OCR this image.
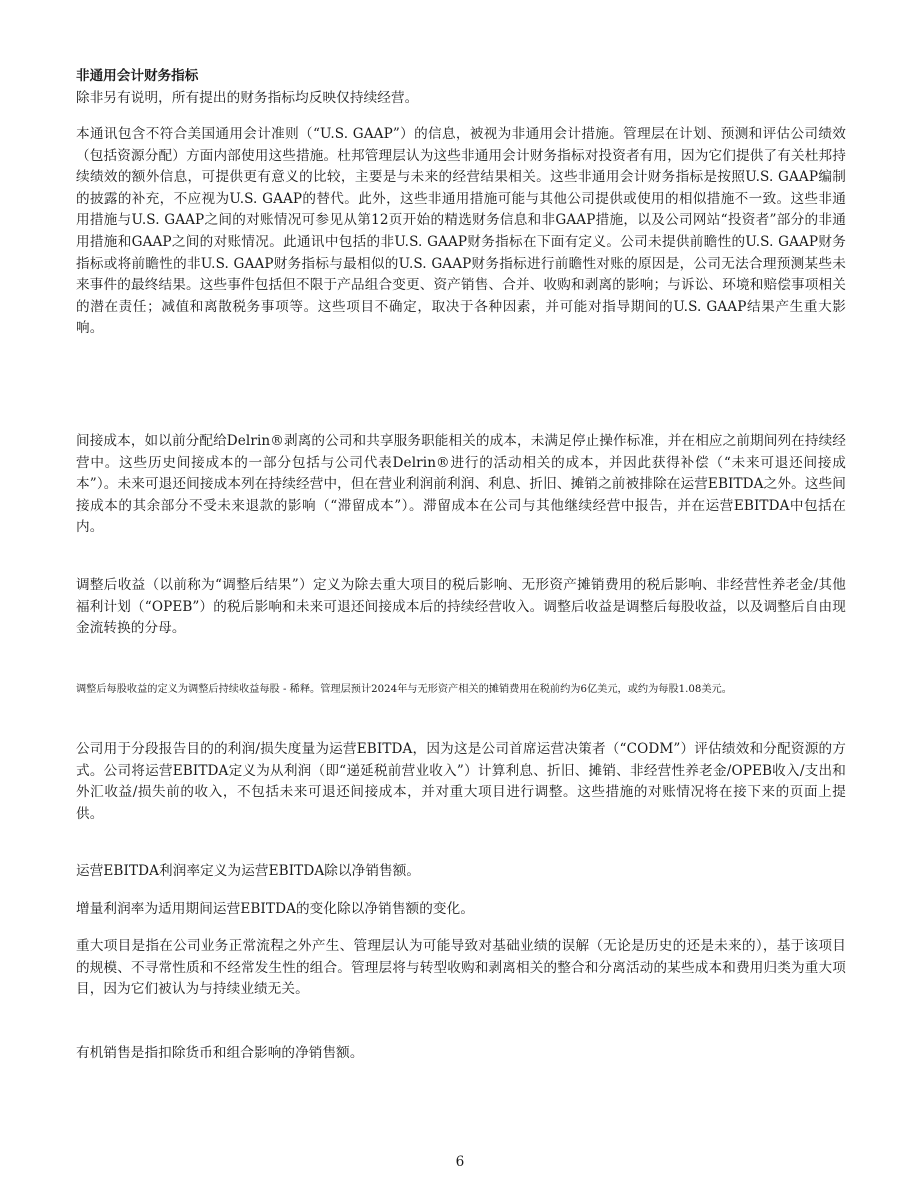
非通用会计财务指标

除非另有说明，所有提出的财务指标均反映仅持续经营。

本通讯包含不符合美国通用会计准则（“U.S. GAAP”）的信息，被视为非通用会计措施。管理层在计划、预测和评估公司绩效（包括资源分配）方面内部使用这些措施。杜邦管理层认为这些非通用会计财务指标对投资者有用，因为它们提供了有关杜邦持续绩效的额外信息，可提供更有意义的比较，主要是与未来的经营结果相关。这些非通用会计财务指标是按照U.S. GAAP编制的披露的补充，不应视为U.S. GAAP的替代。此外，这些非通用措施可能与其他公司提供或使用的相似措施不一致。这些非通用措施与U.S. GAAP之间的对账情况可参见从第12页开始的精选财务信息和非GAAP措施，以及公司网站“投资者”部分的非通用措施和GAAP之间的对账情况。此通讯中包括的非U.S. GAAP财务指标在下面有定义。公司未提供前瞻性的U.S. GAAP财务指标或将前瞻性的非U.S. GAAP财务指标与最相似的U.S. GAAP财务指标进行前瞻性对账的原因是，公司无法合理预测某些未来事件的最终结果。这些事件包括但不限于产品组合变更、资产销售、合并、收购和剥离的影响；与诉讼、环境和赔偿事项相关的潜在责任；减值和离散税务事项等。这些项目不确定，取决于各种因素，并可能对指导期间的U.S. GAAP结果产生重大影响。

间接成本，如以前分配给Delrin®剥离的公司和共享服务职能相关的成本，未满足停止操作标准，并在相应之前期间列在持续经营中。这些历史间接成本的一部分包括与公司代表Delrin®进行的活动相关的成本，并因此获得补偿（“未来可退还间接成本”）。未来可退还间接成本列在持续经营中，但在营业利润前利润、利息、折旧、摊销之前被排除在运营EBITDA之外。这些间接成本的其余部分不受未来退款的影响（“滞留成本”）。滞留成本在公司与其他继续经营中报告，并在运营EBITDA中包括在内。

调整后收益（以前称为“调整后结果”）定义为除去重大项目的税后影响、无形资产摊销费用的税后影响、非经营性养老金/其他福利计划（“OPEB”）的税后影响和未来可退还间接成本后的持续经营收入。调整后收益是调整后每股收益，以及调整后自由现金流转换的分母。

调整后每股收益的定义为调整后持续收益每股 - 稀释。管理层预计2024年与无形资产相关的摊销费用在税前约为6亿美元，或约为每股1.08美元。

公司用于分段报告目的的利润/损失度量为运营EBITDA，因为这是公司首席运营决策者（“CODM”）评估绩效和分配资源的方式。公司将运营EBITDA定义为从利润（即“递延税前营业收入”）计算利息、折旧、摊销、非经营性养老金/OPEB收入/支出和外汇收益/损失前的收入，不包括未来可退还间接成本，并对重大项目进行调整。这些措施的对账情况将在接下来的页面上提供。

运营EBITDA利润率定义为运营EBITDA除以净销售额。

增量利润率为适用期间运营EBITDA的变化除以净销售额的变化。

重大项目是指在公司业务正常流程之外产生、管理层认为可能导致对基础业绩的误解（无论是历史的还是未来的），基于该项目的规模、不寻常性质和不经常发生性的组合。管理层将与转型收购和剥离相关的整合和分离活动的某些成本和费用归类为重大项目，因为它们被认为与持续业绩无关。

有机销售是指扣除货币和组合影响的净销售额。

6
